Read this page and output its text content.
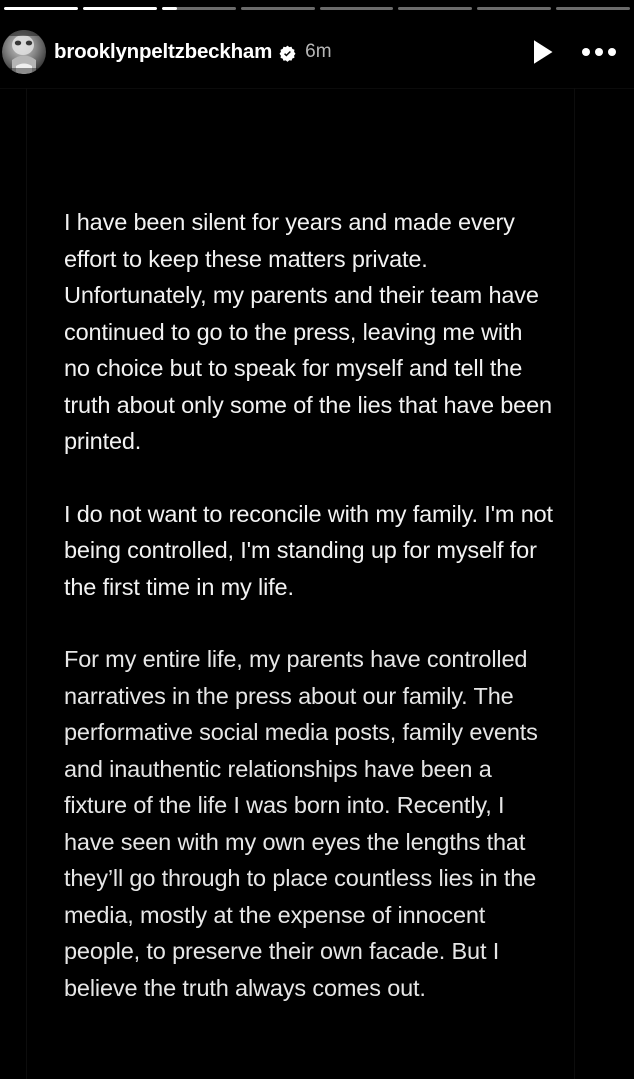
brooklynpeltzbeckham 6m

I have been silent for years and made every effort to keep these matters private. Unfortunately, my parents and their team have continued to go to the press, leaving me with no choice but to speak for myself and tell the truth about only some of the lies that have been printed.

I do not want to reconcile with my family. I'm not being controlled, I'm standing up for myself for the first time in my life.

For my entire life, my parents have controlled narratives in the press about our family. The performative social media posts, family events and inauthentic relationships have been a fixture of the life I was born into. Recently, I have seen with my own eyes the lengths that they’ll go through to place countless lies in the media, mostly at the expense of innocent people, to preserve their own facade. But I believe the truth always comes out.
